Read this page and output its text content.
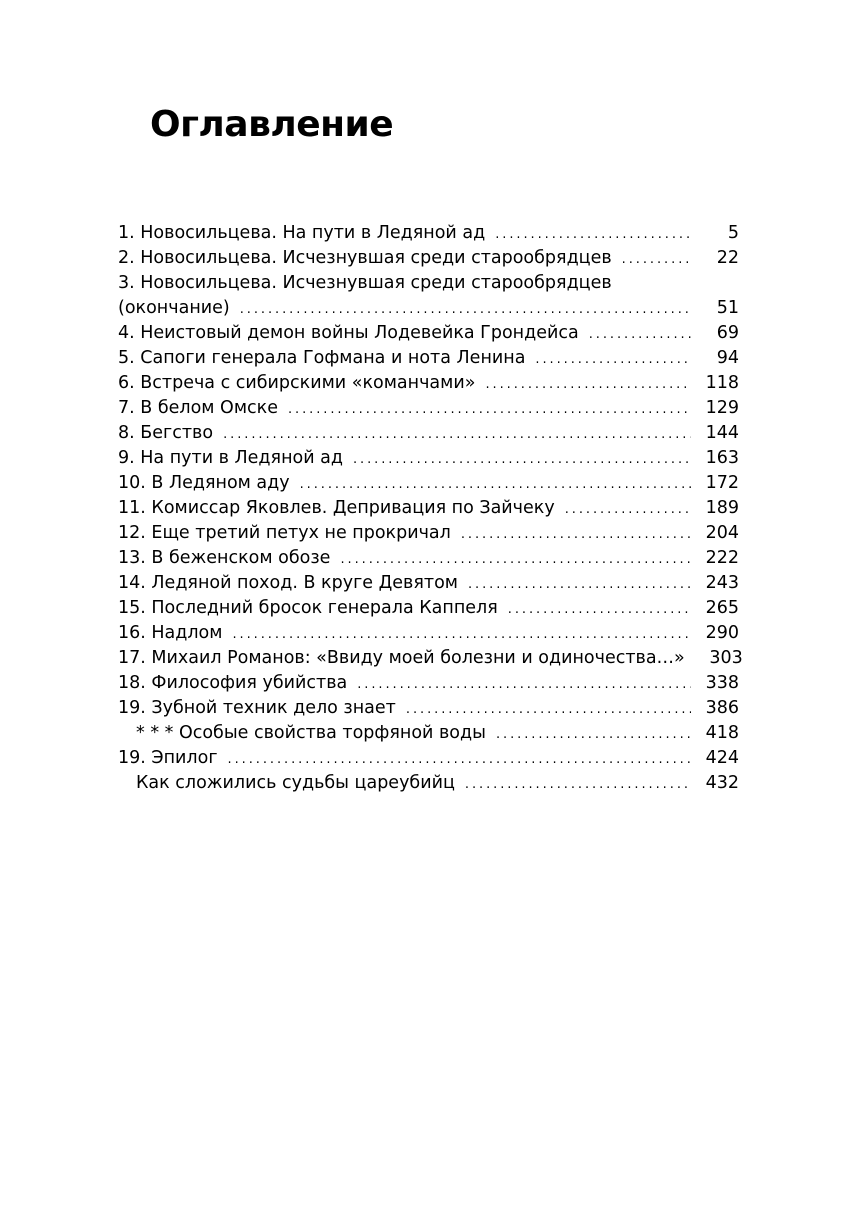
Оглавление
1. Новосильцева. На пути в Ледяной ад . . .	5
2. Новосильцева. Исчезнувшая среди старообрядцев . . .	22
3. Новосильцева. Исчезнувшая среди старообрядцев
(окончание) . . .	51
4. Неистовый демон войны Лодевейка Грондейса . . .	69
5. Сапоги генерала Гофмана и нота Ленина . . .	94
6. Встреча с сибирскими «команчами» . . .	118
7. В белом Омске . . .	129
8. Бегство . . .	144
9. На пути в Ледяной ад . . .	163
10. В Ледяном аду . . .	172
11. Комиссар Яковлев. Депривация по Зайчеку . . .	189
12. Еще третий петух не прокричал . . .	204
13. В беженском обозе . . .	222
14. Ледяной поход. В круге Девятом . . .	243
15. Последний бросок генерала Каппеля . . .	265
16. Надлом . . .	290
17. Михаил Романов: «Ввиду моей болезни и одиночества…»	303
18. Философия убийства . . .	338
19. Зубной техник дело знает . . .	386
* * * Особые свойства торфяной воды . . .	418
19. Эпилог . . .	424
Как сложились судьбы цареубийц . . .	432
